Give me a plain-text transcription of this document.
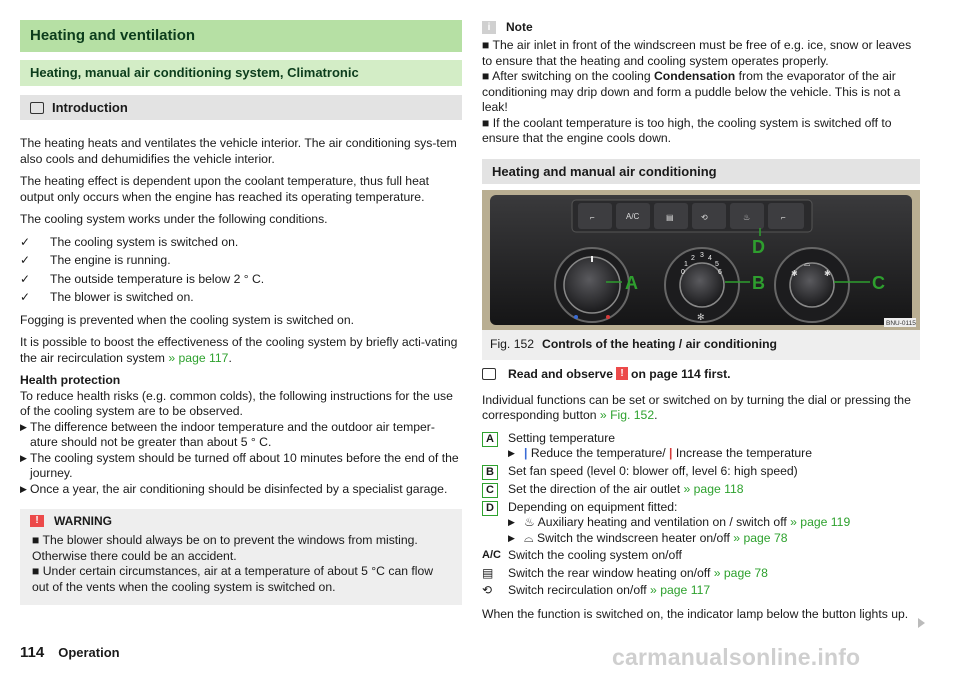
Heating and ventilation
Heating, manual air conditioning system, Climatronic
Introduction

The heating heats and ventilates the vehicle interior. The air conditioning sys-tem also cools and dehumidifies the vehicle interior.

The heating effect is dependent upon the coolant temperature, thus full heat output only occurs when the engine has reached its operating temperature.

The cooling system works under the following conditions.

✓	The cooling system is switched on.
✓	The engine is running.
✓	The outside temperature is below 2 ° C.
✓	The blower is switched on.

Fogging is prevented when the cooling system is switched on.

It is possible to boost the effectiveness of the cooling system by briefly acti-vating the air recirculation system » page 117.

Health protection

To reduce health risks (e.g. common colds), the following instructions for the use of the cooling system are to be observed.

▶ The difference between the indoor temperature and the outdoor air temper-ature should not be greater than about 5 ° C.
▶ The cooling system should be turned off about 10 minutes before the end of the journey.
▶ Once a year, the air conditioning should be disinfected by a specialist garage.
!	WARNING
■ The blower should always be on to prevent the windows from misting. Otherwise there could be an accident.
■ Under certain circumstances, air at a temperature of about 5 °C can flow out of the vents when the cooling system is switched on.
i	Note
■ The air inlet in front of the windscreen must be free of e.g. ice, snow or leaves to ensure that the heating and cooling system operates properly.
■ After switching on the cooling Condensation from the evaporator of the air conditioning may drip down and form a puddle below the vehicle. This is not a leak!
■ If the coolant temperature is too high, the cooling system is switched off to ensure that the engine cools down.
Heating and manual air conditioning
⌐	A/C	▤	⟲	♨	⌐
0
1
2 3 4
5
6
✻
✱	✱
⌓
A	B	C
D
BNU-0115
Fig. 152 Controls of the heating / air conditioning
Read and observe ! on page 114 first.

Individual functions can be set or switched on by turning the dial or pressing the corresponding button » Fig. 152.

A	Setting temperature
▶ | Reduce the temperature/ | Increase the temperature
B	Set fan speed (level 0: blower off, level 6: high speed)
C	Set the direction of the air outlet » page 118
D	Depending on equipment fitted:
▶ ♨ Auxiliary heating and ventilation on / switch off » page 119
▶ ⌓ Switch the windscreen heater on/off » page 78
A/C Switch the cooling system on/off
▤	Switch the rear window heating on/off » page 78
⟲	Switch recirculation on/off » page 117

When the function is switched on, the indicator lamp below the button lights up.

114 Operation	carmanualsonline.info
